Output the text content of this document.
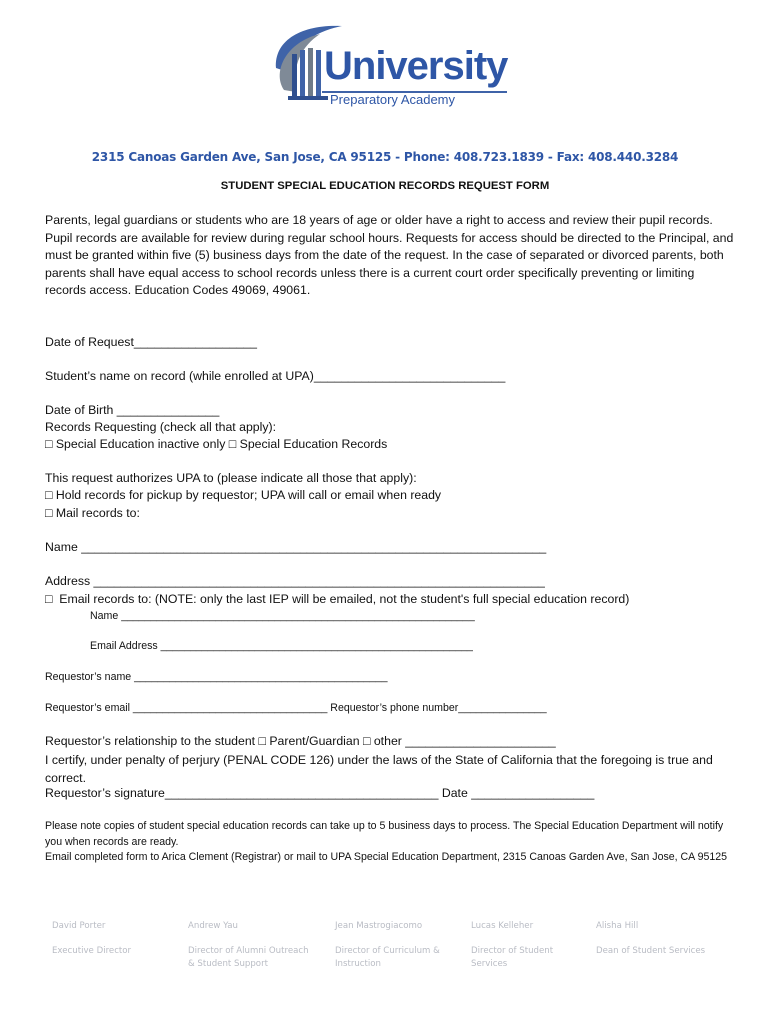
University
Preparatory Academy
2315 Canoas Garden Ave, San Jose, CA 95125 - Phone: 408.723.1839 - Fax: 408.440.3284
STUDENT SPECIAL EDUCATION RECORDS REQUEST FORM
Parents, legal guardians or students who are 18 years of age or older have a right to access and review their pupil records. Pupil records are available for review during regular school hours. Requests for access should be directed to the Principal, and must be granted within five (5) business days from the date of the request. In the case of separated or divorced parents, both parents shall have equal access to school records unless there is a current court order specifically preventing or limiting records access. Education Codes 49069, 49061.
Date of Request__________________
Student’s name on record (while enrolled at UPA)____________________________
Date of Birth _______________
Records Requesting (check all that apply):
□ Special Education inactive only □ Special Education Records
This request authorizes UPA to (please indicate all those that apply):
□ Hold records for pickup by requestor; UPA will call or email when ready
□ Mail records to:
Name ____________________________________________________________________
Address __________________________________________________________________
□  Email records to: (NOTE: only the last IEP will be emailed, not the student's full special education record)
Name ____________________________________________________________
Email Address _____________________________________________________
Requestor’s name ___________________________________________
Requestor’s email _________________________________ Requestor’s phone number_______________
Requestor’s relationship to the student □ Parent/Guardian □ other ______________________
I certify, under penalty of perjury (PENAL CODE 126) under the laws of the State of California that the foregoing is true and correct.
Requestor’s signature________________________________________ Date __________________
Please note copies of student special education records can take up to 5 business days to process. The Special Education Department will notify you when records are ready.
Email completed form to Arica Clement (Registrar) or mail to UPA Special Education Department, 2315 Canoas Garden Ave, San Jose, CA 95125
David Porter
Executive Director
Andrew Yau
Director of Alumni Outreach & Student Support
Jean Mastrogiacomo
Director of Curriculum & Instruction
Lucas Kelleher
Director of Student Services
Alisha Hill
Dean of Student Services
